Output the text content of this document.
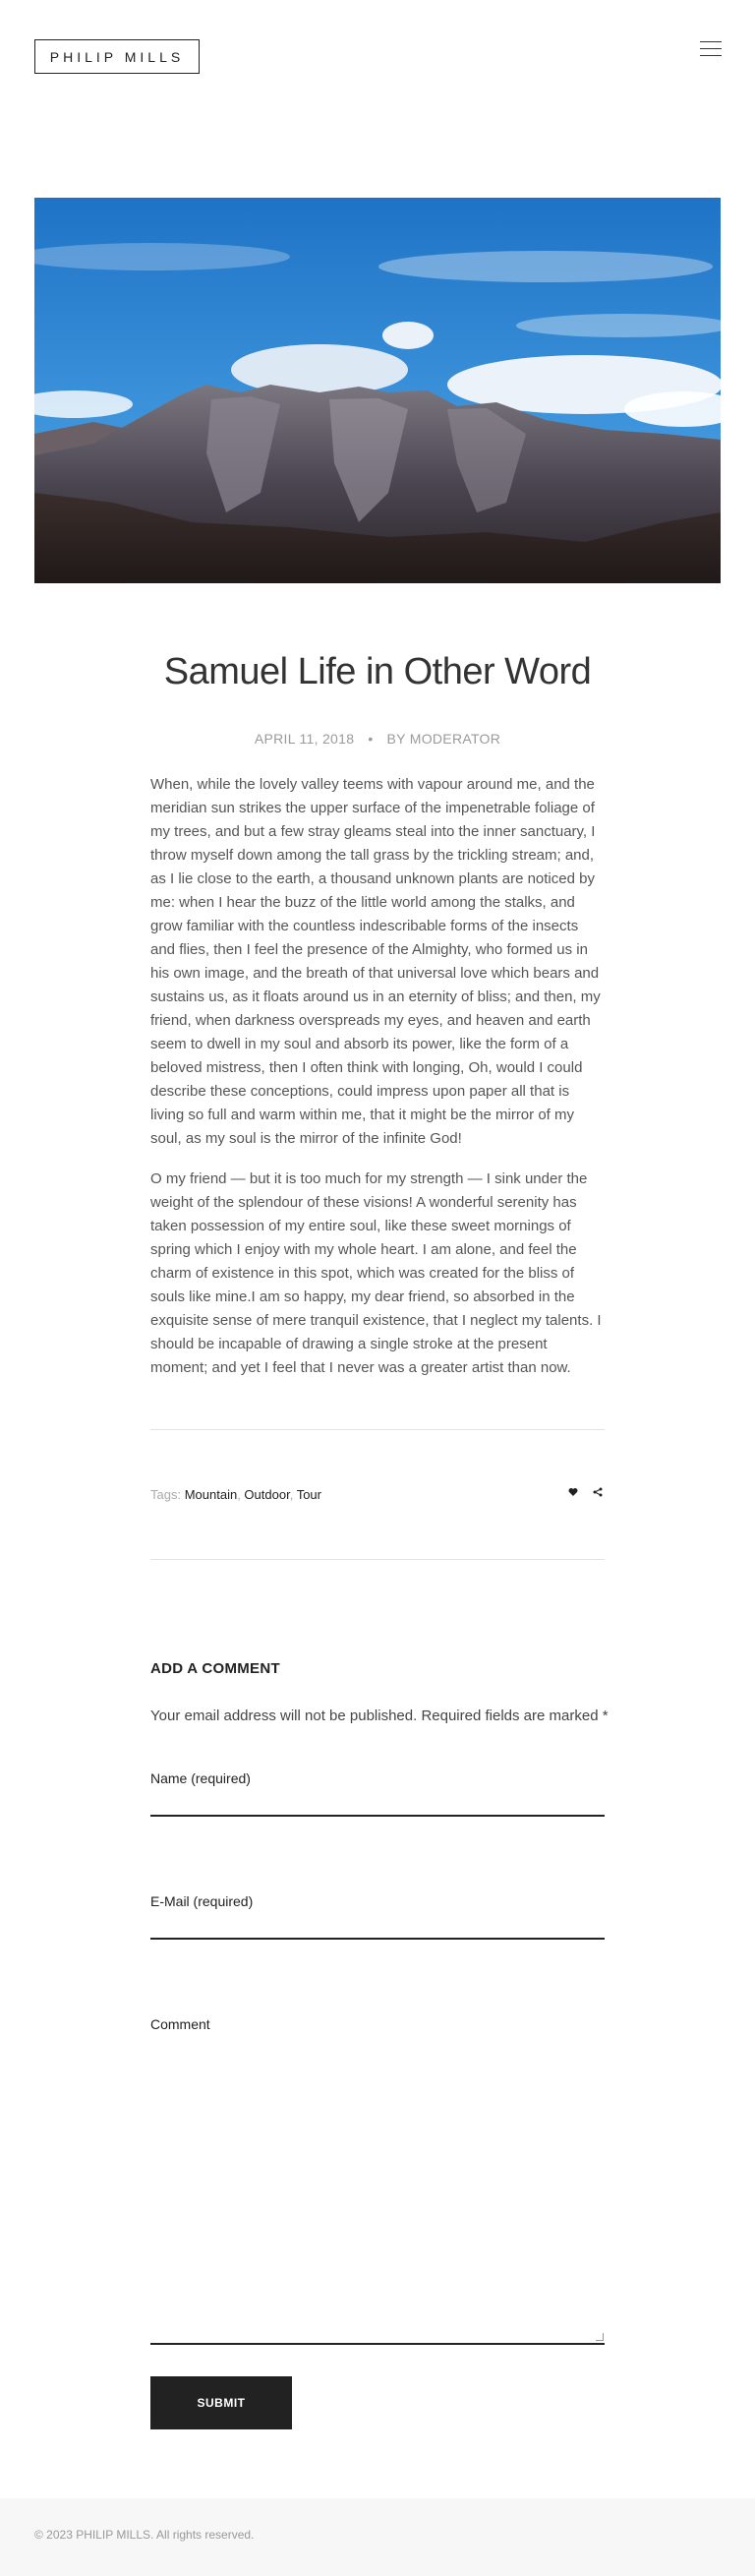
PHILIP MILLS
Samuel Life in Other Word
APRIL 11, 2018 • BY MODERATOR

When, while the lovely valley teems with vapour around me, and the meridian sun strikes the upper surface of the impenetrable foliage of my trees, and but a few stray gleams steal into the inner sanctuary, I throw myself down among the tall grass by the trickling stream; and, as I lie close to the earth, a thousand unknown plants are noticed by me: when I hear the buzz of the little world among the stalks, and grow familiar with the countless indescribable forms of the insects and flies, then I feel the presence of the Almighty, who formed us in his own image, and the breath of that universal love which bears and sustains us, as it floats around us in an eternity of bliss; and then, my friend, when darkness overspreads my eyes, and heaven and earth seem to dwell in my soul and absorb its power, like the form of a beloved mistress, then I often think with longing, Oh, would I could describe these conceptions, could impress upon paper all that is living so full and warm within me, that it might be the mirror of my soul, as my soul is the mirror of the infinite God!

O my friend — but it is too much for my strength — I sink under the weight of the splendour of these visions! A wonderful serenity has taken possession of my entire soul, like these sweet mornings of spring which I enjoy with my whole heart. I am alone, and feel the charm of existence in this spot, which was created for the bliss of souls like mine.I am so happy, my dear friend, so absorbed in the exquisite sense of mere tranquil existence, that I neglect my talents. I should be incapable of drawing a single stroke at the present moment; and yet I feel that I never was a greater artist than now.

Tags: Mountain, Outdoor, Tour
ADD A COMMENT

Your email address will not be published. Required fields are marked *

Name (required)
E-Mail (required)
Comment
SUBMIT
© 2023 PHILIP MILLS. All rights reserved.
